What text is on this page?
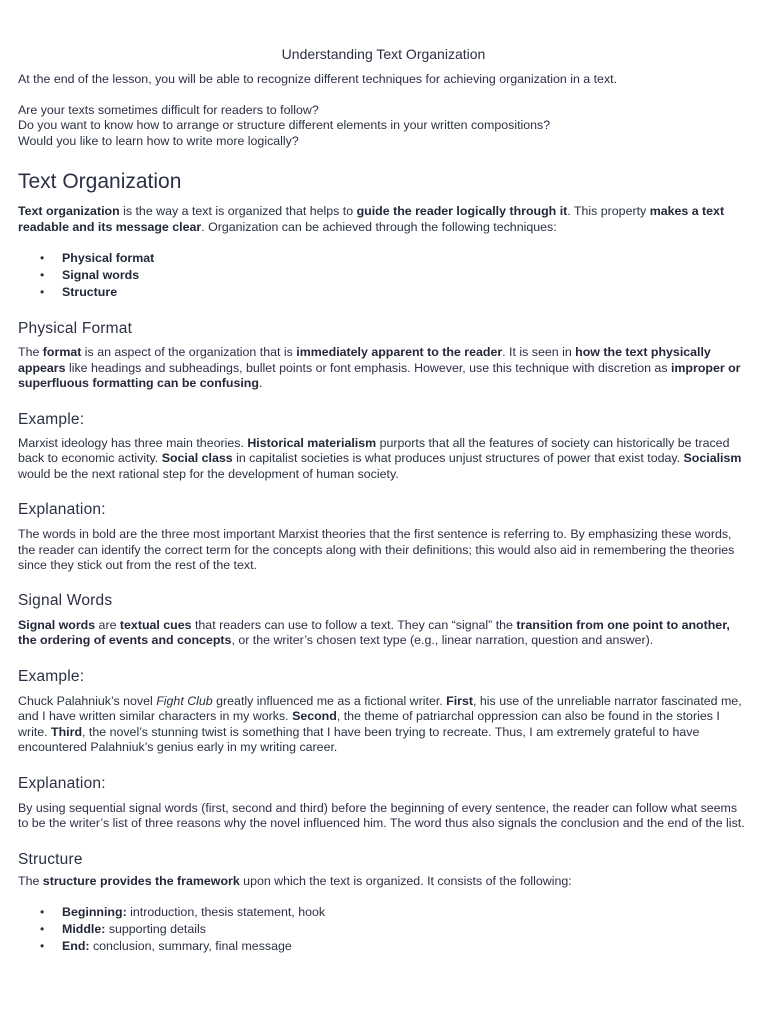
Understanding Text Organization

At the end of the lesson, you will be able to recognize different techniques for achieving organization in a text.

Are your texts sometimes difficult for readers to follow?

Do you want to know how to arrange or structure different elements in your written compositions?

Would you like to learn how to write more logically?

Text Organization

Text organization is the way a text is organized that helps to guide the reader logically through it. This property makes a text readable and its message clear. Organization can be achieved through the following techniques:

• Physical format
• Signal words
• Structure
Physical Format

The format is an aspect of the organization that is immediately apparent to the reader. It is seen in how the text physically appears like headings and subheadings, bullet points or font emphasis. However, use this technique with discretion as improper or superfluous formatting can be confusing.

Example:

Marxist ideology has three main theories. Historical materialism purports that all the features of society can historically be traced back to economic activity. Social class in capitalist societies is what produces unjust structures of power that exist today. Socialism would be the next rational step for the development of human society.

Explanation:

The words in bold are the three most important Marxist theories that the first sentence is referring to. By emphasizing these words, the reader can identify the correct term for the concepts along with their definitions; this would also aid in remembering the theories since they stick out from the rest of the text.

Signal Words

Signal words are textual cues that readers can use to follow a text. They can “signal” the transition from one point to another, the ordering of events and concepts, or the writer’s chosen text type (e.g., linear narration, question and answer).

Example:

Chuck Palahniuk’s novel Fight Club greatly influenced me as a fictional writer. First, his use of the unreliable narrator fascinated me, and I have written similar characters in my works. Second, the theme of patriarchal oppression can also be found in the stories I write. Third, the novel’s stunning twist is something that I have been trying to recreate. Thus, I am extremely grateful to have encountered Palahniuk’s genius early in my writing career.

Explanation:

By using sequential signal words (first, second and third) before the beginning of every sentence, the reader can follow what seems to be the writer’s list of three reasons why the novel influenced him. The word thus also signals the conclusion and the end of the list.

Structure

The structure provides the framework upon which the text is organized. It consists of the following:

• Beginning: introduction, thesis statement, hook
• Middle: supporting details
• End: conclusion, summary, final message
